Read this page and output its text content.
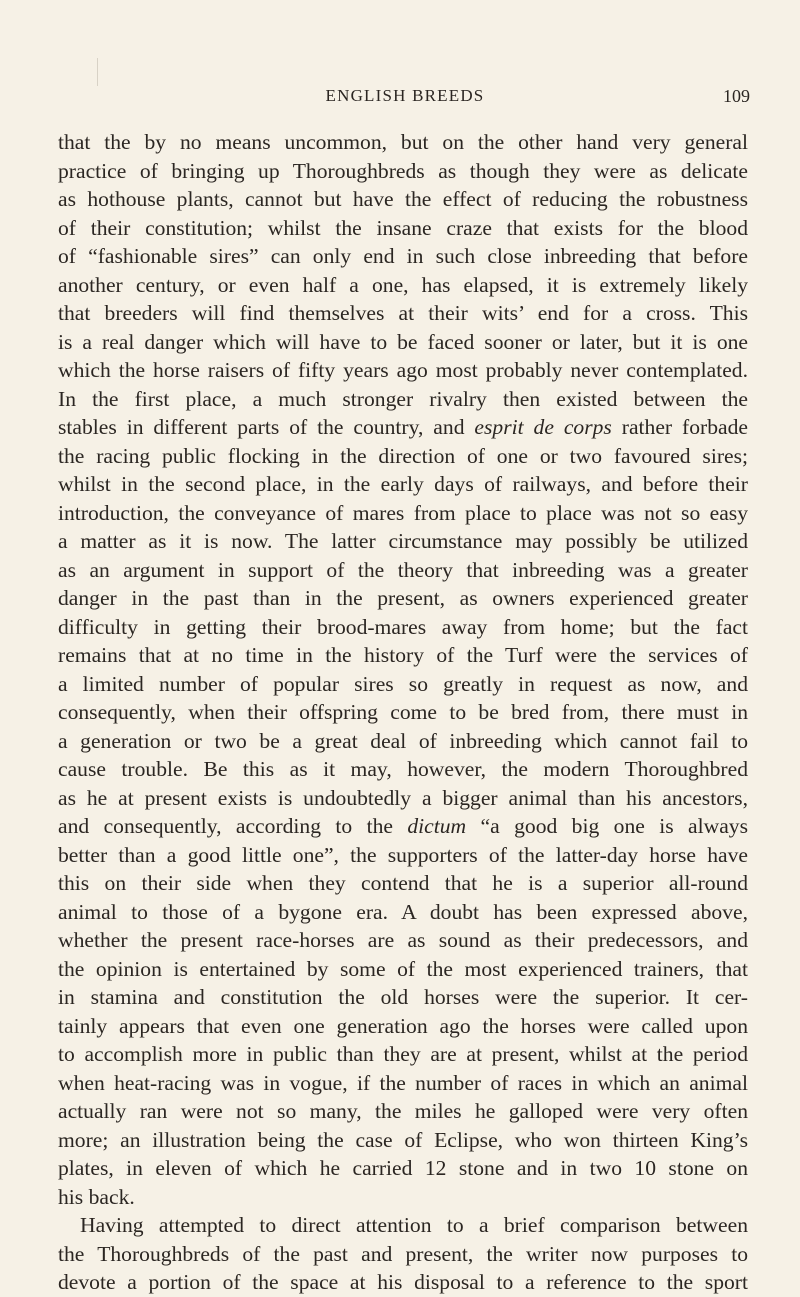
ENGLISH BREEDS	109
that the by no means uncommon, but on the other hand very general
practice of bringing up Thoroughbreds as though they were as delicate
as hothouse plants, cannot but have the effect of reducing the robustness
of their constitution; whilst the insane craze that exists for the blood
of “fashionable sires” can only end in such close inbreeding that before
another century, or even half a one, has elapsed, it is extremely likely
that breeders will find themselves at their wits’ end for a cross. This
is a real danger which will have to be faced sooner or later, but it is one
which the horse raisers of fifty years ago most probably never contemplated.
In the first place, a much stronger rivalry then existed between the
stables in different parts of the country, and esprit de corps rather forbade
the racing public flocking in the direction of one or two favoured sires;
whilst in the second place, in the early days of railways, and before their
introduction, the conveyance of mares from place to place was not so easy
a matter as it is now. The latter circumstance may possibly be utilized
as an argument in support of the theory that inbreeding was a greater
danger in the past than in the present, as owners experienced greater
difficulty in getting their brood-mares away from home; but the fact
remains that at no time in the history of the Turf were the services of
a limited number of popular sires so greatly in request as now, and
consequently, when their offspring come to be bred from, there must in
a generation or two be a great deal of inbreeding which cannot fail to
cause trouble. Be this as it may, however, the modern Thoroughbred
as he at present exists is undoubtedly a bigger animal than his ancestors,
and consequently, according to the dictum “a good big one is always
better than a good little one”, the supporters of the latter-day horse have
this on their side when they contend that he is a superior all-round
animal to those of a bygone era. A doubt has been expressed above,
whether the present race-horses are as sound as their predecessors, and
the opinion is entertained by some of the most experienced trainers, that
in stamina and constitution the old horses were the superior. It cer-
tainly appears that even one generation ago the horses were called upon
to accomplish more in public than they are at present, whilst at the period
when heat-racing was in vogue, if the number of races in which an animal
actually ran were not so many, the miles he galloped were very often
more; an illustration being the case of Eclipse, who won thirteen King’s
plates, in eleven of which he carried 12 stone and in two 10 stone on
his back.
Having attempted to direct attention to a brief comparison between
the Thoroughbreds of the past and present, the writer now purposes to
devote a portion of the space at his disposal to a reference to the sport
